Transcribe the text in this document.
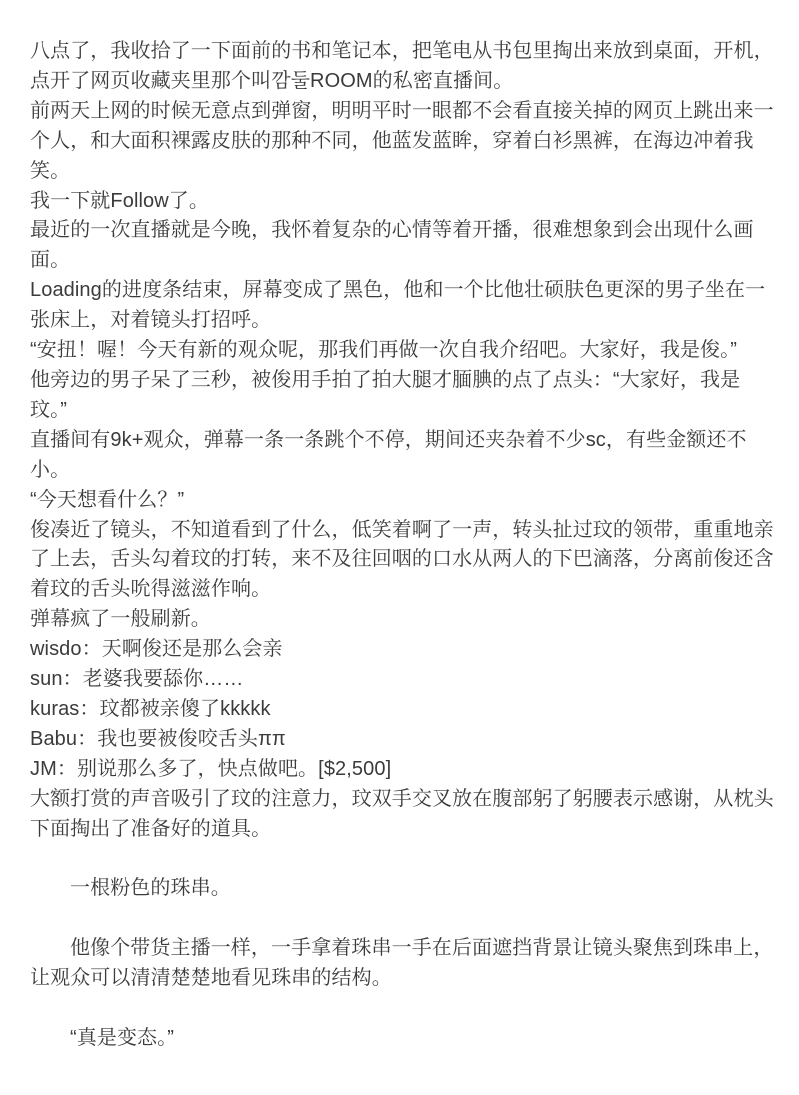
八点了，我收拾了一下面前的书和笔记本，把笔电从书包里掏出来放到桌面，开机，点开了网页收藏夹里那个叫깜둘ROOM的私密直播间。
前两天上网的时候无意点到弹窗，明明平时一眼都不会看直接关掉的网页上跳出来一个人，和大面积裸露皮肤的那种不同，他蓝发蓝眸，穿着白衫黑裤，在海边冲着我笑。
我一下就Follow了。
最近的一次直播就是今晚，我怀着复杂的心情等着开播，很难想象到会出现什么画面。
Loading的进度条结束，屏幕变成了黑色，他和一个比他壮硕肤色更深的男子坐在一张床上，对着镜头打招呼。
“安扭！喔！今天有新的观众呢，那我们再做一次自我介绍吧。大家好，我是俊。”
他旁边的男子呆了三秒，被俊用手拍了拍大腿才腼腆的点了点头：“大家好，我是玟。”
直播间有9k+观众，弹幕一条一条跳个不停，期间还夹杂着不少sc，有些金额还不小。
“今天想看什么？”
俊凑近了镜头，不知道看到了什么，低笑着啊了一声，转头扯过玟的领带，重重地亲了上去，舌头勾着玟的打转，来不及往回咽的口水从两人的下巴滴落，分离前俊还含着玟的舌头吮得滋滋作响。
弹幕疯了一般刷新。
wisdo：天啊俊还是那么会亲
sun：老婆我要舔你……
kuras：玟都被亲傻了kkkkk
Babu：我也要被俊咬舌头ππ
JM：别说那么多了，快点做吧。[$2,500]
大额打赏的声音吸引了玟的注意力，玟双手交叉放在腹部躬了躬腰表示感谢，从枕头下面掏出了准备好的道具。

一根粉色的珠串。

他像个带货主播一样，一手拿着珠串一手在后面遮挡背景让镜头聚焦到珠串上，让观众可以清清楚楚地看见珠串的结构。

“真是变态。”
